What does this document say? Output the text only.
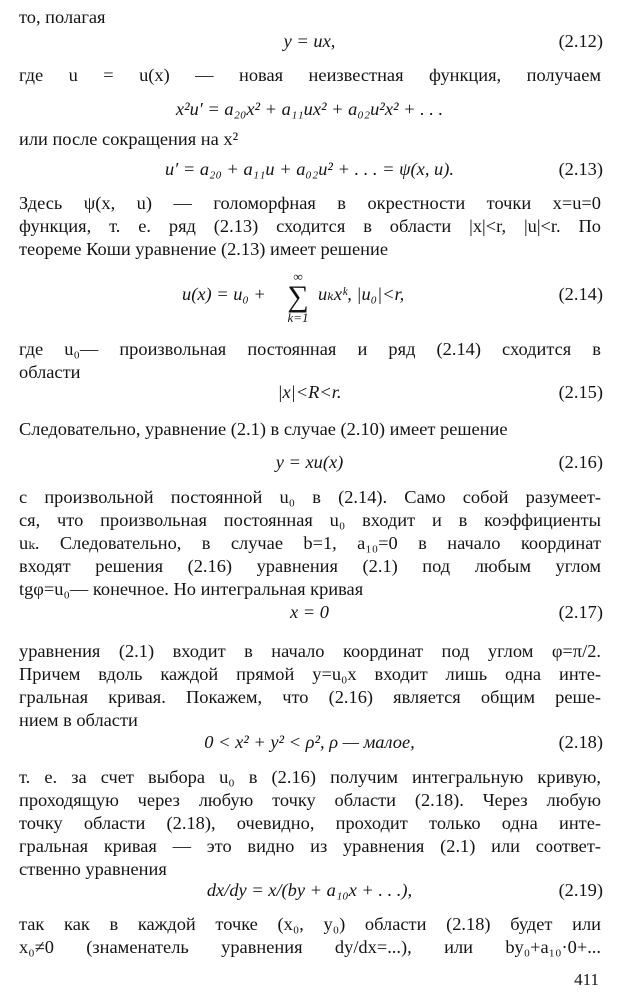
то, полагая
y = ux,	(2.12)
где u = u(x) — новая неизвестная функция, получаем
x²u′ = a₂₀x² + a₁₁ux² + a₀₂u²x² + . . .
или после сокращения на x²
u′ = a₂₀ + a₁₁u + a₀₂u² + . . . = ψ(x, u).	(2.13)
Здесь ψ(x, u) — голоморфная в окрестности точки x=u=0
функция, т. е. ряд (2.13) сходится в области |x|<r, |u|<r. По
теореме Коши уравнение (2.13) имеет решение
u(x) = u₀ +
∞
∑
k=1
uₖxᵏ, |u₀|<r,	(2.14)
где u₀— произвольная постоянная и ряд (2.14) сходится в
области
|x|<R<r.	(2.15)
Следовательно, уравнение (2.1) в случае (2.10) имеет решение
y = xu(x)	(2.16)
с произвольной постоянной u₀ в (2.14). Само собой разумеет-
ся, что произвольная постоянная u₀ входит и в коэффициенты
uₖ. Следовательно, в случае b=1, a₁₀=0 в начало координат
входят решения (2.16) уравнения (2.1) под любым углом
tgφ=u₀— конечное. Но интегральная кривая
x = 0	(2.17)
уравнения (2.1) входит в начало координат под углом φ=π/2.
Причем вдоль каждой прямой y=u₀x входит лишь одна инте-
гральная кривая. Покажем, что (2.16) является общим реше-
нием в области
0 < x² + y² < ρ², ρ — малое,	(2.18)
т. е. за счет выбора u₀ в (2.16) получим интегральную кривую,
проходящую через любую точку области (2.18). Через любую
точку области (2.18), очевидно, проходит только одна инте-
гральная кривая — это видно из уравнения (2.1) или соответ-
ственно уравнения
dx/dy = x/(by + a₁₀x + . . .),	(2.19)
так как в каждой точке (x₀, y₀) области (2.18) будет или
x₀≠0 (знаменатель уравнения dy/dx=...), или by₀+a₁₀·0+...
411
